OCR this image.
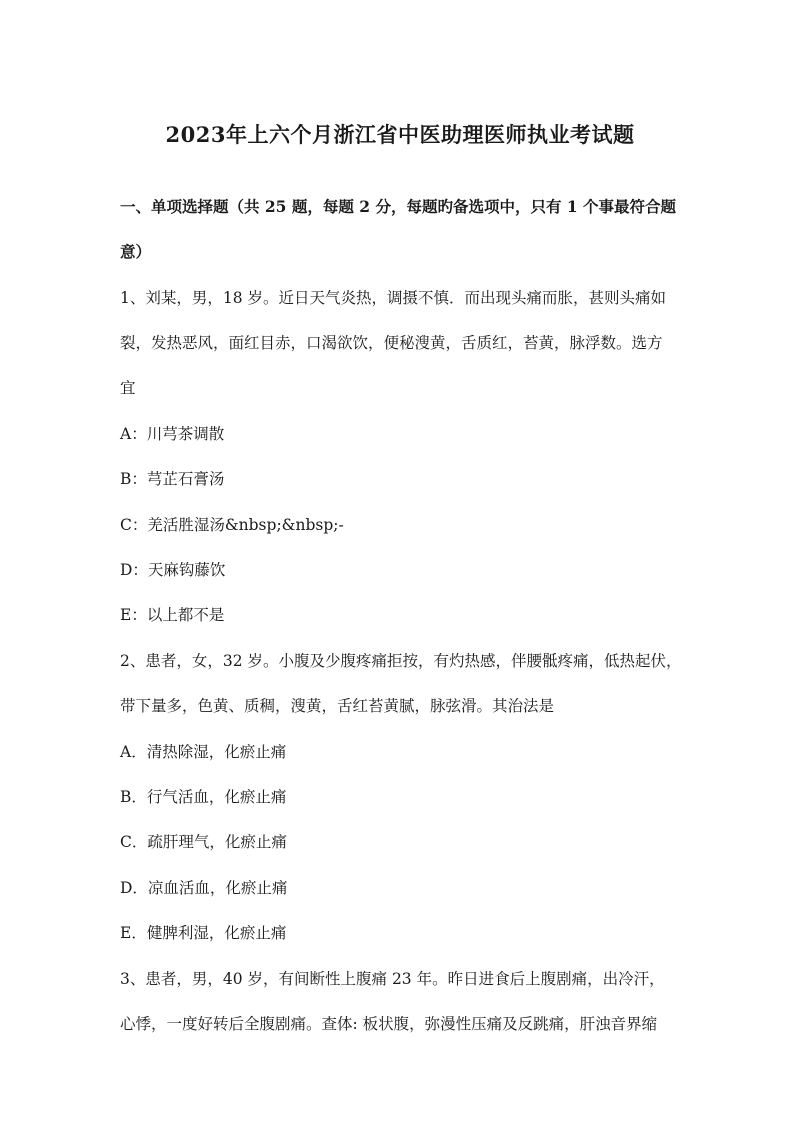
2023年上六个月浙江省中医助理医师执业考试题
一、单项选择题（共 25 题，每题 2 分，每题旳备选项中，只有 1 个事最符合题
意）
1、刘某，男，18 岁。近日天气炎热，调摄不慎．而出现头痛而胀，甚则头痛如
裂，发热恶风，面红目赤，口渴欲饮，便秘溲黄，舌质红，苔黄，脉浮数。选方
宜
A：川芎茶调散
B：芎芷石膏汤
C：羌活胜湿汤&nbsp;&nbsp;-
D：天麻钩藤饮
E：以上都不是
2、患者，女，32 岁。小腹及少腹疼痛拒按，有灼热感，伴腰骶疼痛，低热起伏，
带下量多，色黄、质稠，溲黄，舌红苔黄腻，脉弦滑。其治法是
A．清热除湿，化瘀止痛
B．行气活血，化瘀止痛
C．疏肝理气，化瘀止痛
D．凉血活血，化瘀止痛
E．健脾利湿，化瘀止痛
3、患者，男，40 岁，有间断性上腹痛 23 年。昨日进食后上腹剧痛，出冷汗，
心悸，一度好转后全腹剧痛。查体: 板状腹，弥漫性压痛及反跳痛，肝浊音界缩
